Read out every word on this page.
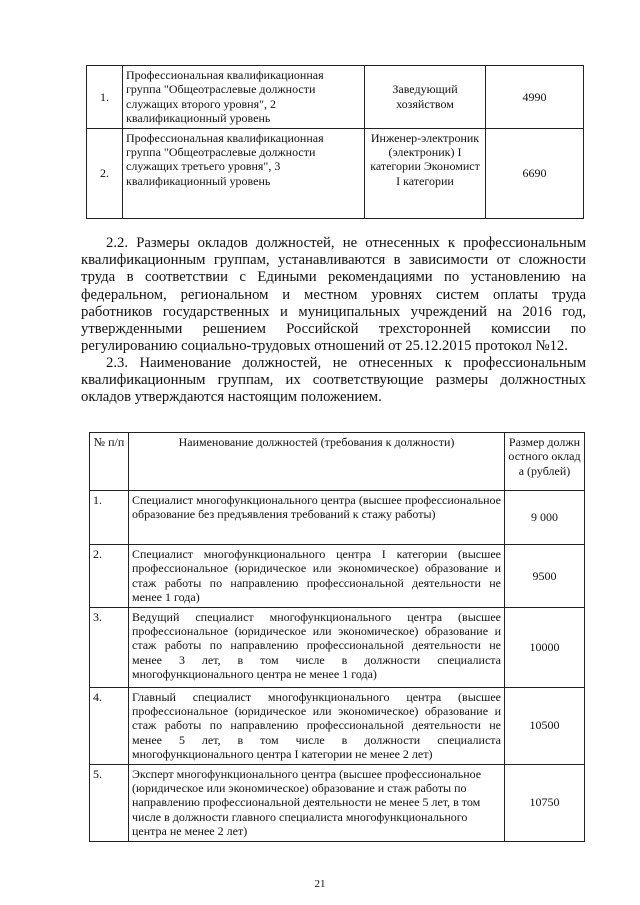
1.	Профессиональная квалификационная группа "Общеотраслевые должности служащих второго уровня", 2 квалификационный уровень	Заведующий хозяйством	4990
2.	Профессиональная квалификационная группа "Общеотраслевые должности служащих третьего уровня", 3 квалификационный уровень	Инженер-электроник (электроник) I категории Экономист I категории	6690

2.2. Размеры окладов должностей, не отнесенных к профессиональным квалификационным группам, устанавливаются в зависимости от сложности труда в соответствии с Едиными рекомендациями по установлению на федеральном, региональном и местном уровнях систем оплаты труда работников государственных и муниципальных учреждений на 2016 год, утвержденными решением Российской трехсторонней комиссии по регулированию социально-трудовых отношений от 25.12.2015 протокол №12.

2.3. Наименование должностей, не отнесенных к профессиональным квалификационным группам, их соответствующие размеры должностных окладов утверждаются настоящим положением.

№ п/п	Наименование должностей (требования к должности)	Размер должностного оклада (рублей)
1.	Специалист многофункционального центра (высшее профессиональное образование без предъявления требований к стажу работы)	9 000
2.	Специалист многофункционального центра I категории (высшее профессиональное (юридическое или экономическое) образование и стаж работы по направлению профессиональной деятельности не менее 1 года)	9500
3.	Ведущий специалист многофункционального центра (высшее профессиональное (юридическое или экономическое) образование и стаж работы по направлению профессиональной деятельности не менее 3 лет, в том числе в должности специалиста многофункционального центра не менее 1 года)	10000
4.	Главный специалист многофункционального центра (высшее профессиональное (юридическое или экономическое) образование и стаж работы по направлению профессиональной деятельности не менее 5 лет, в том числе в должности специалиста многофункционального центра I категории не менее 2 лет)	10500
5.	Эксперт многофункционального центра (высшее профессиональное (юридическое или экономическое) образование и стаж работы по направлению профессиональной деятельности не менее 5 лет, в том числе в должности главного специалиста многофункционального центра не менее 2 лет)	10750
21
